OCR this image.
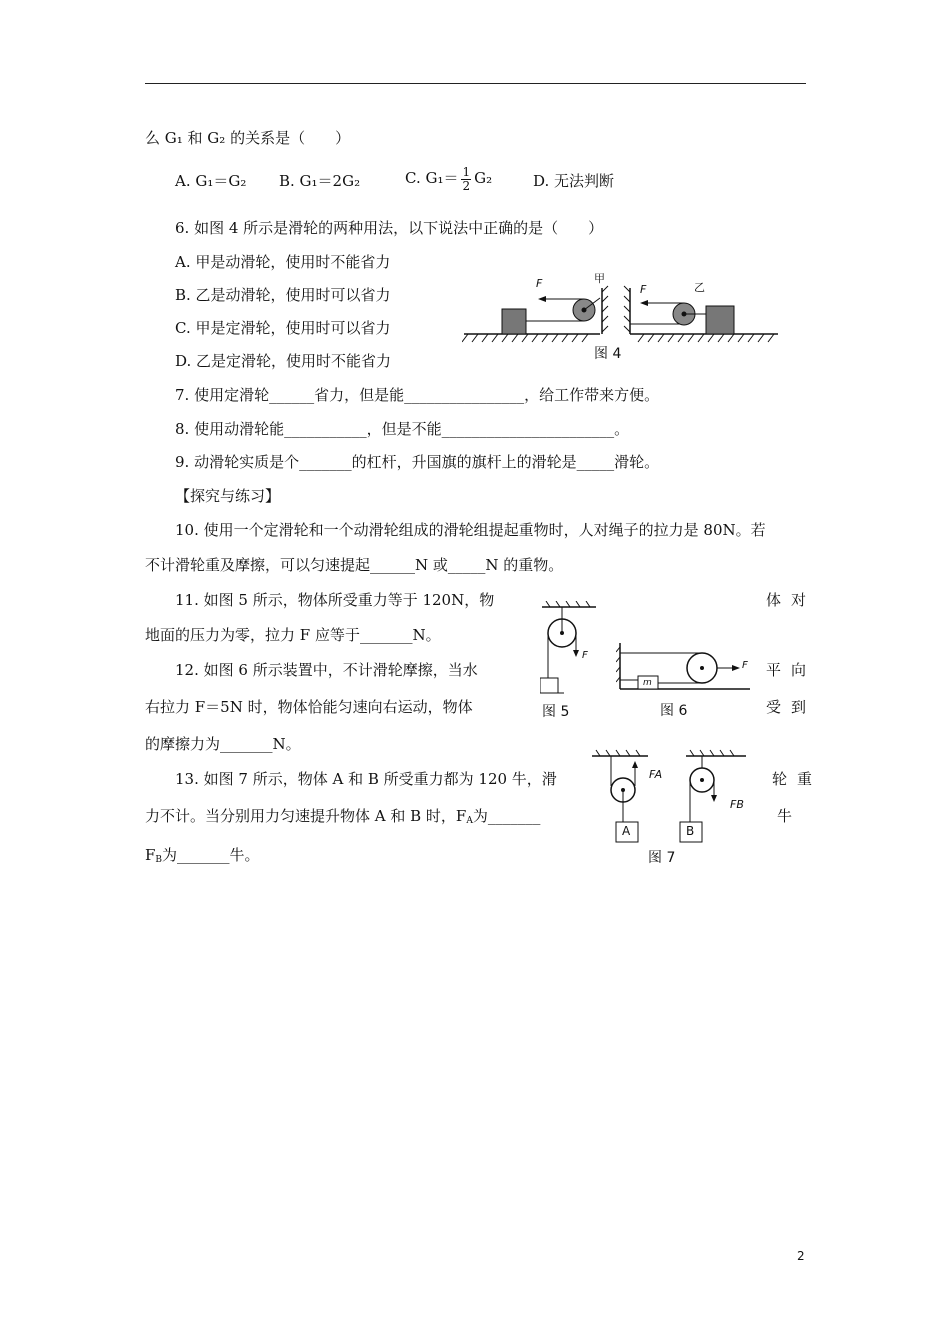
么 G₁ 和 G₂ 的关系是（　　）
A. G₁＝G₂ B. G₁＝2G₂	C. $G_1= \frac{1}{2} G_2$	D. 无法判断
6. 如图 4 所示是滑轮的两种用法，以下说法中正确的是（　　）
A. 甲是动滑轮，使用时不能省力
B. 乙是动滑轮，使用时可以省力
C. 甲是定滑轮，使用时可以省力
D. 乙是定滑轮，使用时不能省力
F	甲
F	乙
图 4
7. 使用定滑轮______省力，但是能________________，给工作带来方便。
8. 使用动滑轮能___________，但是不能_______________________。
9. 动滑轮实质是个_______的杠杆，升国旗的旗杆上的滑轮是_____滑轮。
【探究与练习】
10. 使用一个定滑轮和一个动滑轮组成的滑轮组提起重物时，人对绳子的拉力是 80N。若
不计滑轮重及摩擦，可以匀速提起______N 或_____N 的重物。
11. 如图 5 所示，物体所受重力等于 120N，物	体对
地面的压力为零，拉力 F 应等于_______N。
12. 如图 6 所示装置中，不计滑轮摩擦，当水	平向
右拉力 F＝5N 时，物体恰能匀速向右运动，物体	受到
的摩擦力为_______N。
F
图 5
m
F
图 6
13. 如图 7 所示，物体 A 和 B 所受重力都为 120 牛，滑	轮重
力不计。当分别用力匀速提升物体 A 和 B 时，$F_A$为_______	牛
$F_B$为_______牛。
FA
FB
A	B
图 7
2
